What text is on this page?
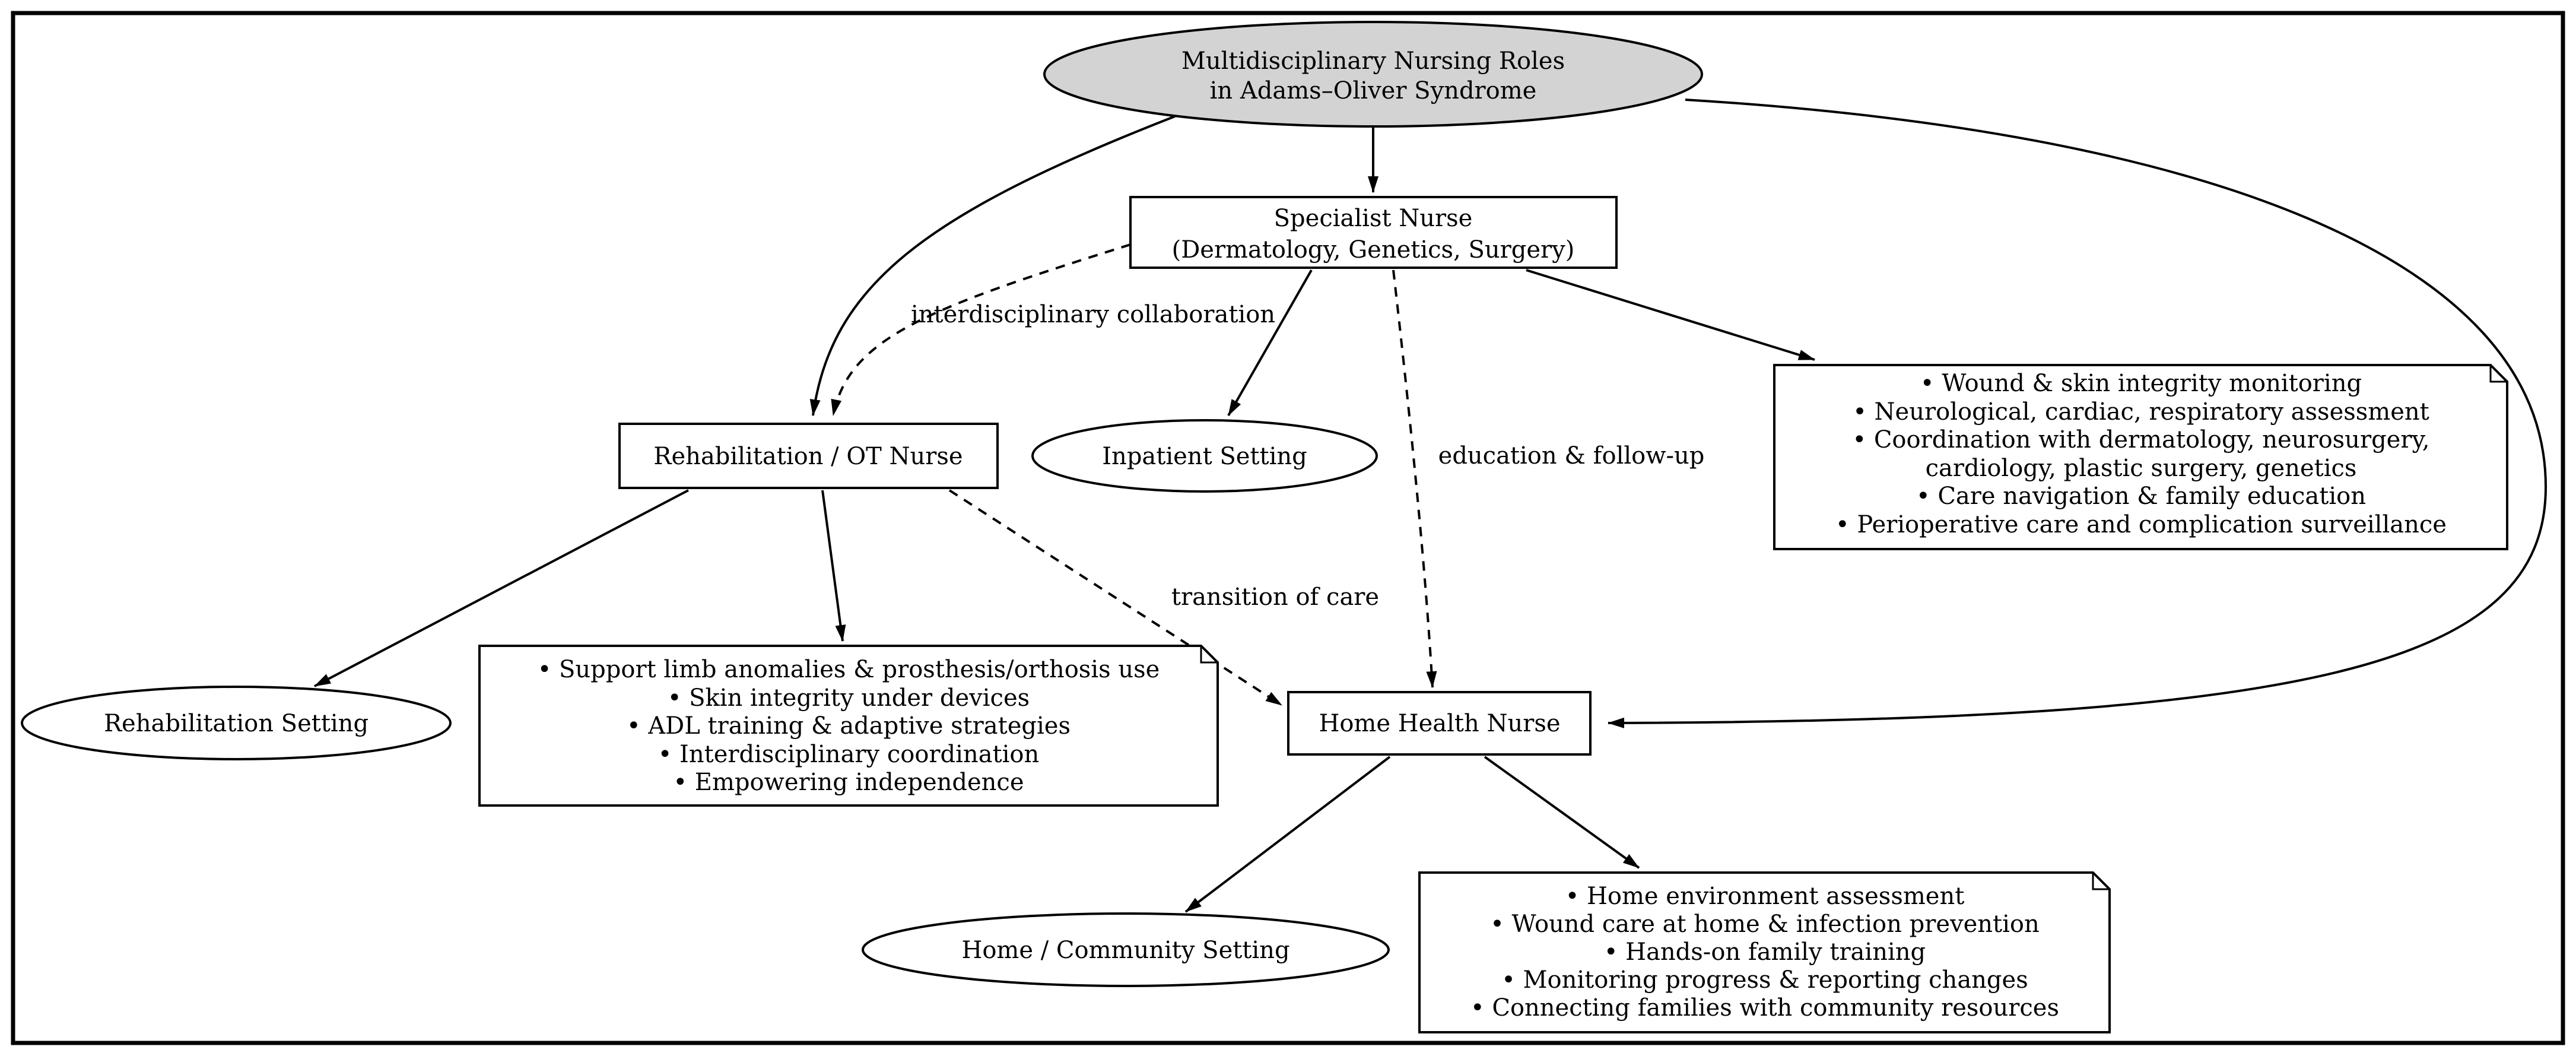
interdisciplinary collaboration
education & follow-up
transition of care
Multidisciplinary Nursing Roles
in Adams–Oliver Syndrome
Specialist Nurse
(Dermatology, Genetics, Surgery)
Rehabilitation / OT Nurse	Inpatient Setting
• Wound & skin integrity monitoring
• Neurological, cardiac, respiratory assessment
• Coordination with dermatology, neurosurgery,
cardiology, plastic surgery, genetics
• Care navigation & family education
• Perioperative care and complication surveillance
Rehabilitation Setting
• Support limb anomalies & prosthesis/orthosis use
• Skin integrity under devices
• ADL training & adaptive strategies
• Interdisciplinary coordination
• Empowering independence
Home Health Nurse
Home / Community Setting
• Home environment assessment
• Wound care at home & infection prevention
• Hands-on family training
• Monitoring progress & reporting changes
• Connecting families with community resources
